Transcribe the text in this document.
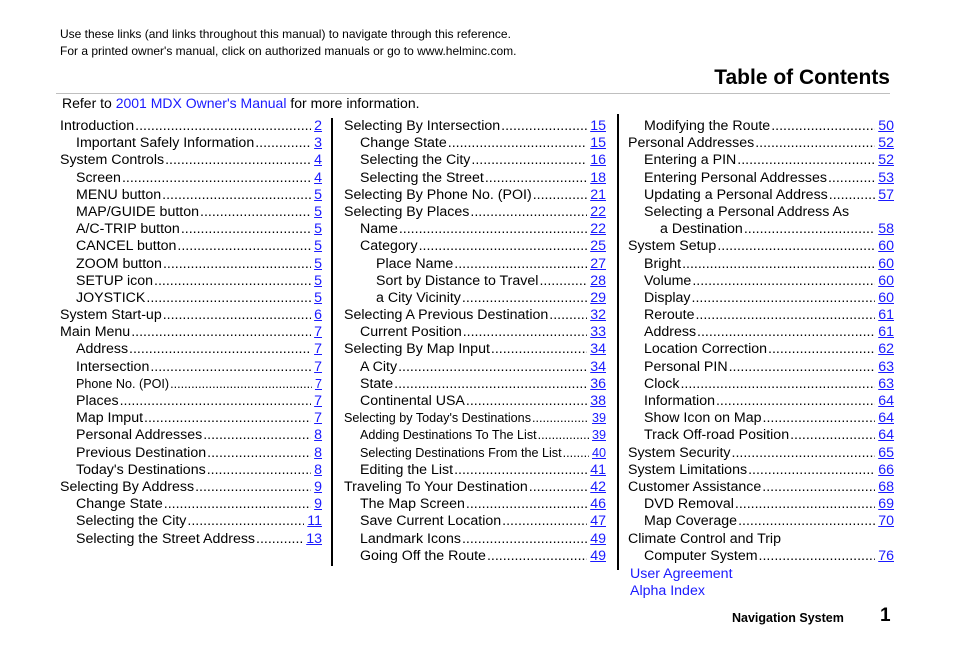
Use these links (and links throughout this manual) to navigate through this reference.
For a printed owner's manual, click on authorized manuals or go to www.helminc.com.
Table of Contents
Refer to 2001 MDX Owner's Manual for more information.
Introduction .....	2
Important Safely Information .....	3
System Controls .....	4
Screen .....	4
MENU button .....	5
MAP/GUIDE button .....	5
A/C-TRIP button .....	5
CANCEL button .....	5
ZOOM button .....	5
SETUP icon .....	5
JOYSTICK .....	5
System Start-up .....	6
Main Menu .....	7
Address .....	7
Intersection .....	7
Phone No. (POI) .....	7
Places .....	7
Map Imput .....	7
Personal Addresses .....	8
Previous Destination .....	8
Today's Destinations .....	8
Selecting By Address .....	9
Change State .....	9
Selecting the City .....	11
Selecting the Street Address .....	13
Selecting By Intersection .....	15
Change State .....	15
Selecting the City .....	16
Selecting the Street .....	18
Selecting By Phone No. (POI) .....	21
Selecting By Places .....	22
Name .....	22
Category .....	25
Place Name .....	27
Sort by Distance to Travel .....	28
a City Vicinity .....	29
Selecting A Previous Destination .....	32
Current Position .....	33
Selecting By Map Input .....	34
A City .....	34
State .....	36
Continental USA .....	38
Selecting by Today's Destinations .....	39
Adding Destinations To The List .....	39
Selecting Destinations From the List ..... 40
Editing the List .....	41
Traveling To Your Destination .....	42
The Map Screen .....	46
Save Current Location .....	47
Landmark Icons .....	49
Going Off the Route .....	49
Modifying the Route .....	50
Personal Addresses .....	52
Entering a PIN .....	52
Entering Personal Addresses .....	53
Updating a Personal Address .....	57
Selecting a Personal Address As
a Destination .....	58
System Setup .....	60
Bright .....	60
Volume .....	60
Display .....	60
Reroute .....	61
Address .....	61
Location Correction .....	62
Personal PIN .....	63
Clock .....	63
Information .....	64
Show Icon on Map .....	64
Track Off-road Position .....	64
System Security .....	65
System Limitations .....	66
Customer Assistance .....	68
DVD Removal .....	69
Map Coverage .....	70
Climate Control and Trip
Computer System .....	76
User Agreement
Alpha Index
Navigation System 1
